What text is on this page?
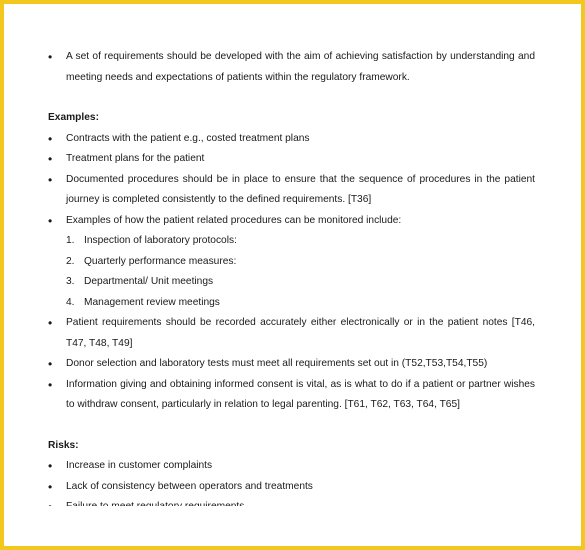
• A set of requirements should be developed with the aim of achieving satisfaction by understanding and meeting needs and expectations of patients within the regulatory framework.
Examples:
• Contracts with the patient e.g., costed treatment plans
• Treatment plans for the patient
• Documented procedures should be in place to ensure that the sequence of procedures in the patient journey is completed consistently to the defined requirements. [T36]
• Examples of how the patient related procedures can be monitored include:
1. Inspection of laboratory protocols:
2. Quarterly performance measures:
3. Departmental/ Unit meetings
4. Management review meetings
• Patient requirements should be recorded accurately either electronically or in the patient notes [T46, T47, T48, T49]
• Donor selection and laboratory tests must meet all requirements set out in (T52,T53,T54,T55)
• Information giving and obtaining informed consent is vital, as is what to do if a patient or partner wishes to withdraw consent, particularly in relation to legal parenting. [T61, T62, T63, T64, T65]
Risks:
• Increase in customer complaints
• Lack of consistency between operators and treatments
•
